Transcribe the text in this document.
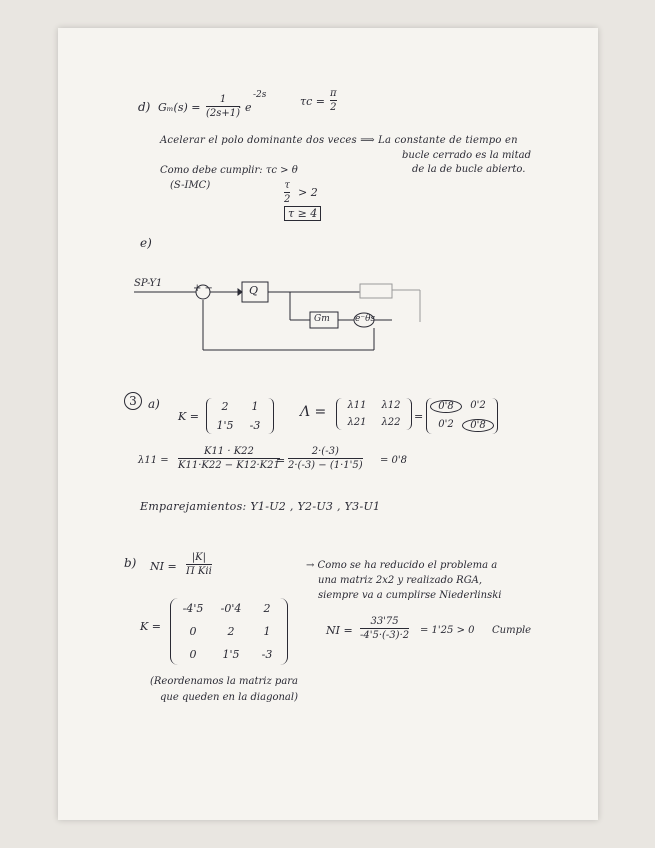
d) Gₘ(s) =
1
(2s+1)
· e
-2s	τc =
π
2
Acelerar el polo dominante dos veces ⟹ La constante de tiempo en
bucle cerrado es la mitad
de la de bucle abierto.
Como debe cumplir: τc > θ
(S-IMC)	τ
2
> 2
τ ≥ 4
e)
SP-Y1	+ −	Q
Gm	e⁻θs
3 a)
K =
2	1
1'5	-3
Λ =	λ11	λ12
λ21	λ22	=
0'8	0'2
0'2	0'8
λ11 =
K11 · K22
K11·K22 − K12·K21
=
2·(-3)
2·(-3) − (1·1'5) = 0'8
Emparejamientos: Y1-U2 , Y2-U3 , Y3-U1
b) NI =
|K|
Π Kii
→ Como se ha reducido el problema a
una matriz 2x2 y realizado RGA,
siempre va a cumplirse Niederlinski
K =
-4'5	-0'4	2
0	2	1
0	1'5	-3
NI =
33'75
-4'5·(-3)·2 = 1'25 > 0 Cumple
(Reordenamos la matriz para
que queden en la diagonal)
